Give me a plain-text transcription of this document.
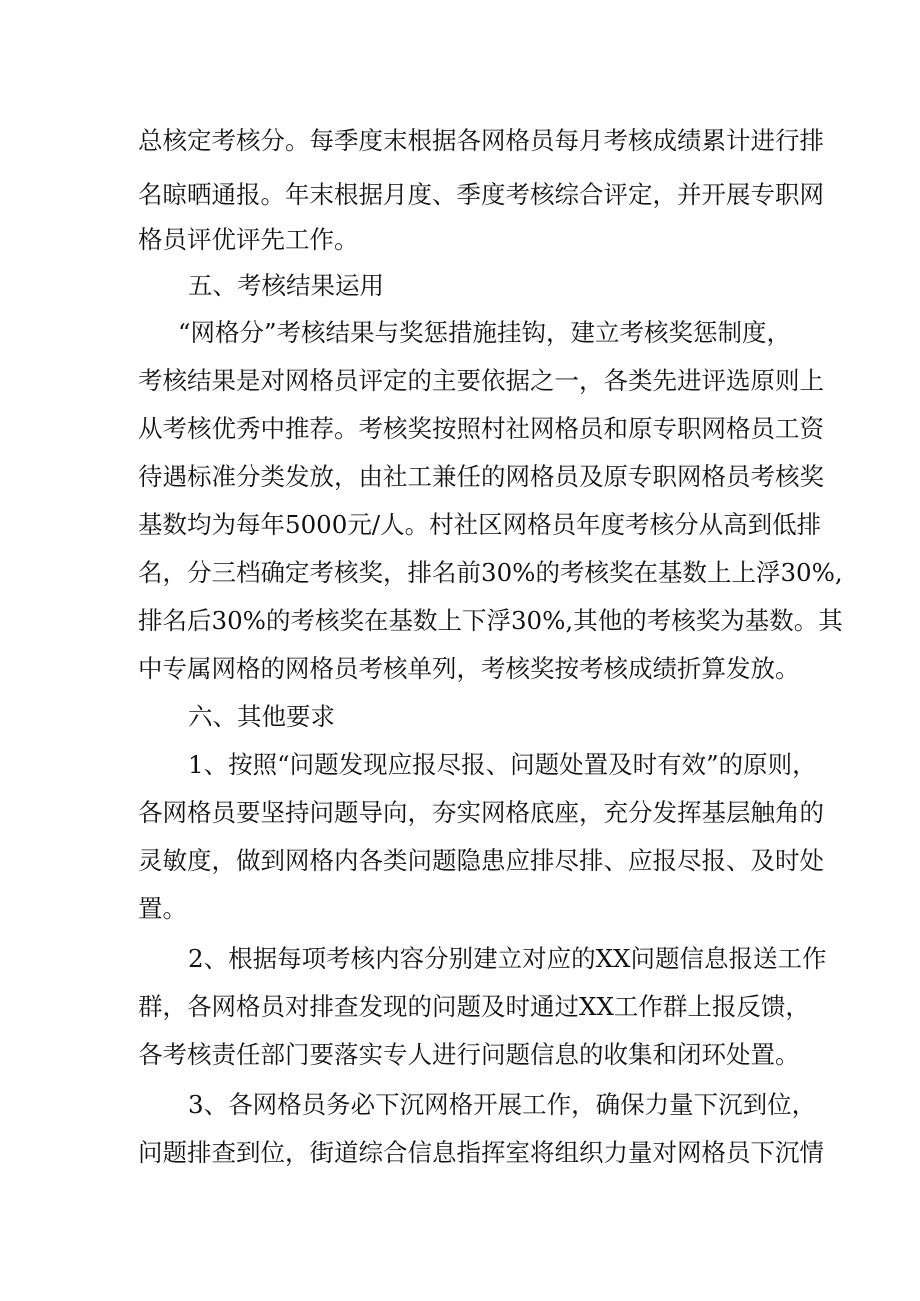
总核定考核分。每季度末根据各网格员每月考核成绩累计进行排
名晾晒通报。年末根据月度、季度考核综合评定，并开展专职网
格员评优评先工作。
五、考核结果运用
“网格分”考核结果与奖惩措施挂钩，建立考核奖惩制度，
考核结果是对网格员评定的主要依据之一，各类先进评选原则上
从考核优秀中推荐。考核奖按照村社网格员和原专职网格员工资
待遇标准分类发放，由社工兼任的网格员及原专职网格员考核奖
基数均为每年5000元/人。村社区网格员年度考核分从高到低排
名，分三档确定考核奖，排名前30%的考核奖在基数上上浮30%,
排名后30%的考核奖在基数上下浮30%,其他的考核奖为基数。其
中专属网格的网格员考核单列，考核奖按考核成绩折算发放。
六、其他要求
1、按照“问题发现应报尽报、问题处置及时有效”的原则，
各网格员要坚持问题导向，夯实网格底座，充分发挥基层触角的
灵敏度，做到网格内各类问题隐患应排尽排、应报尽报、及时处
置。
2、根据每项考核内容分别建立对应的XX问题信息报送工作
群，各网格员对排查发现的问题及时通过XX工作群上报反馈，
各考核责任部门要落实专人进行问题信息的收集和闭环处置。
3、各网格员务必下沉网格开展工作，确保力量下沉到位，
问题排查到位，街道综合信息指挥室将组织力量对网格员下沉情
